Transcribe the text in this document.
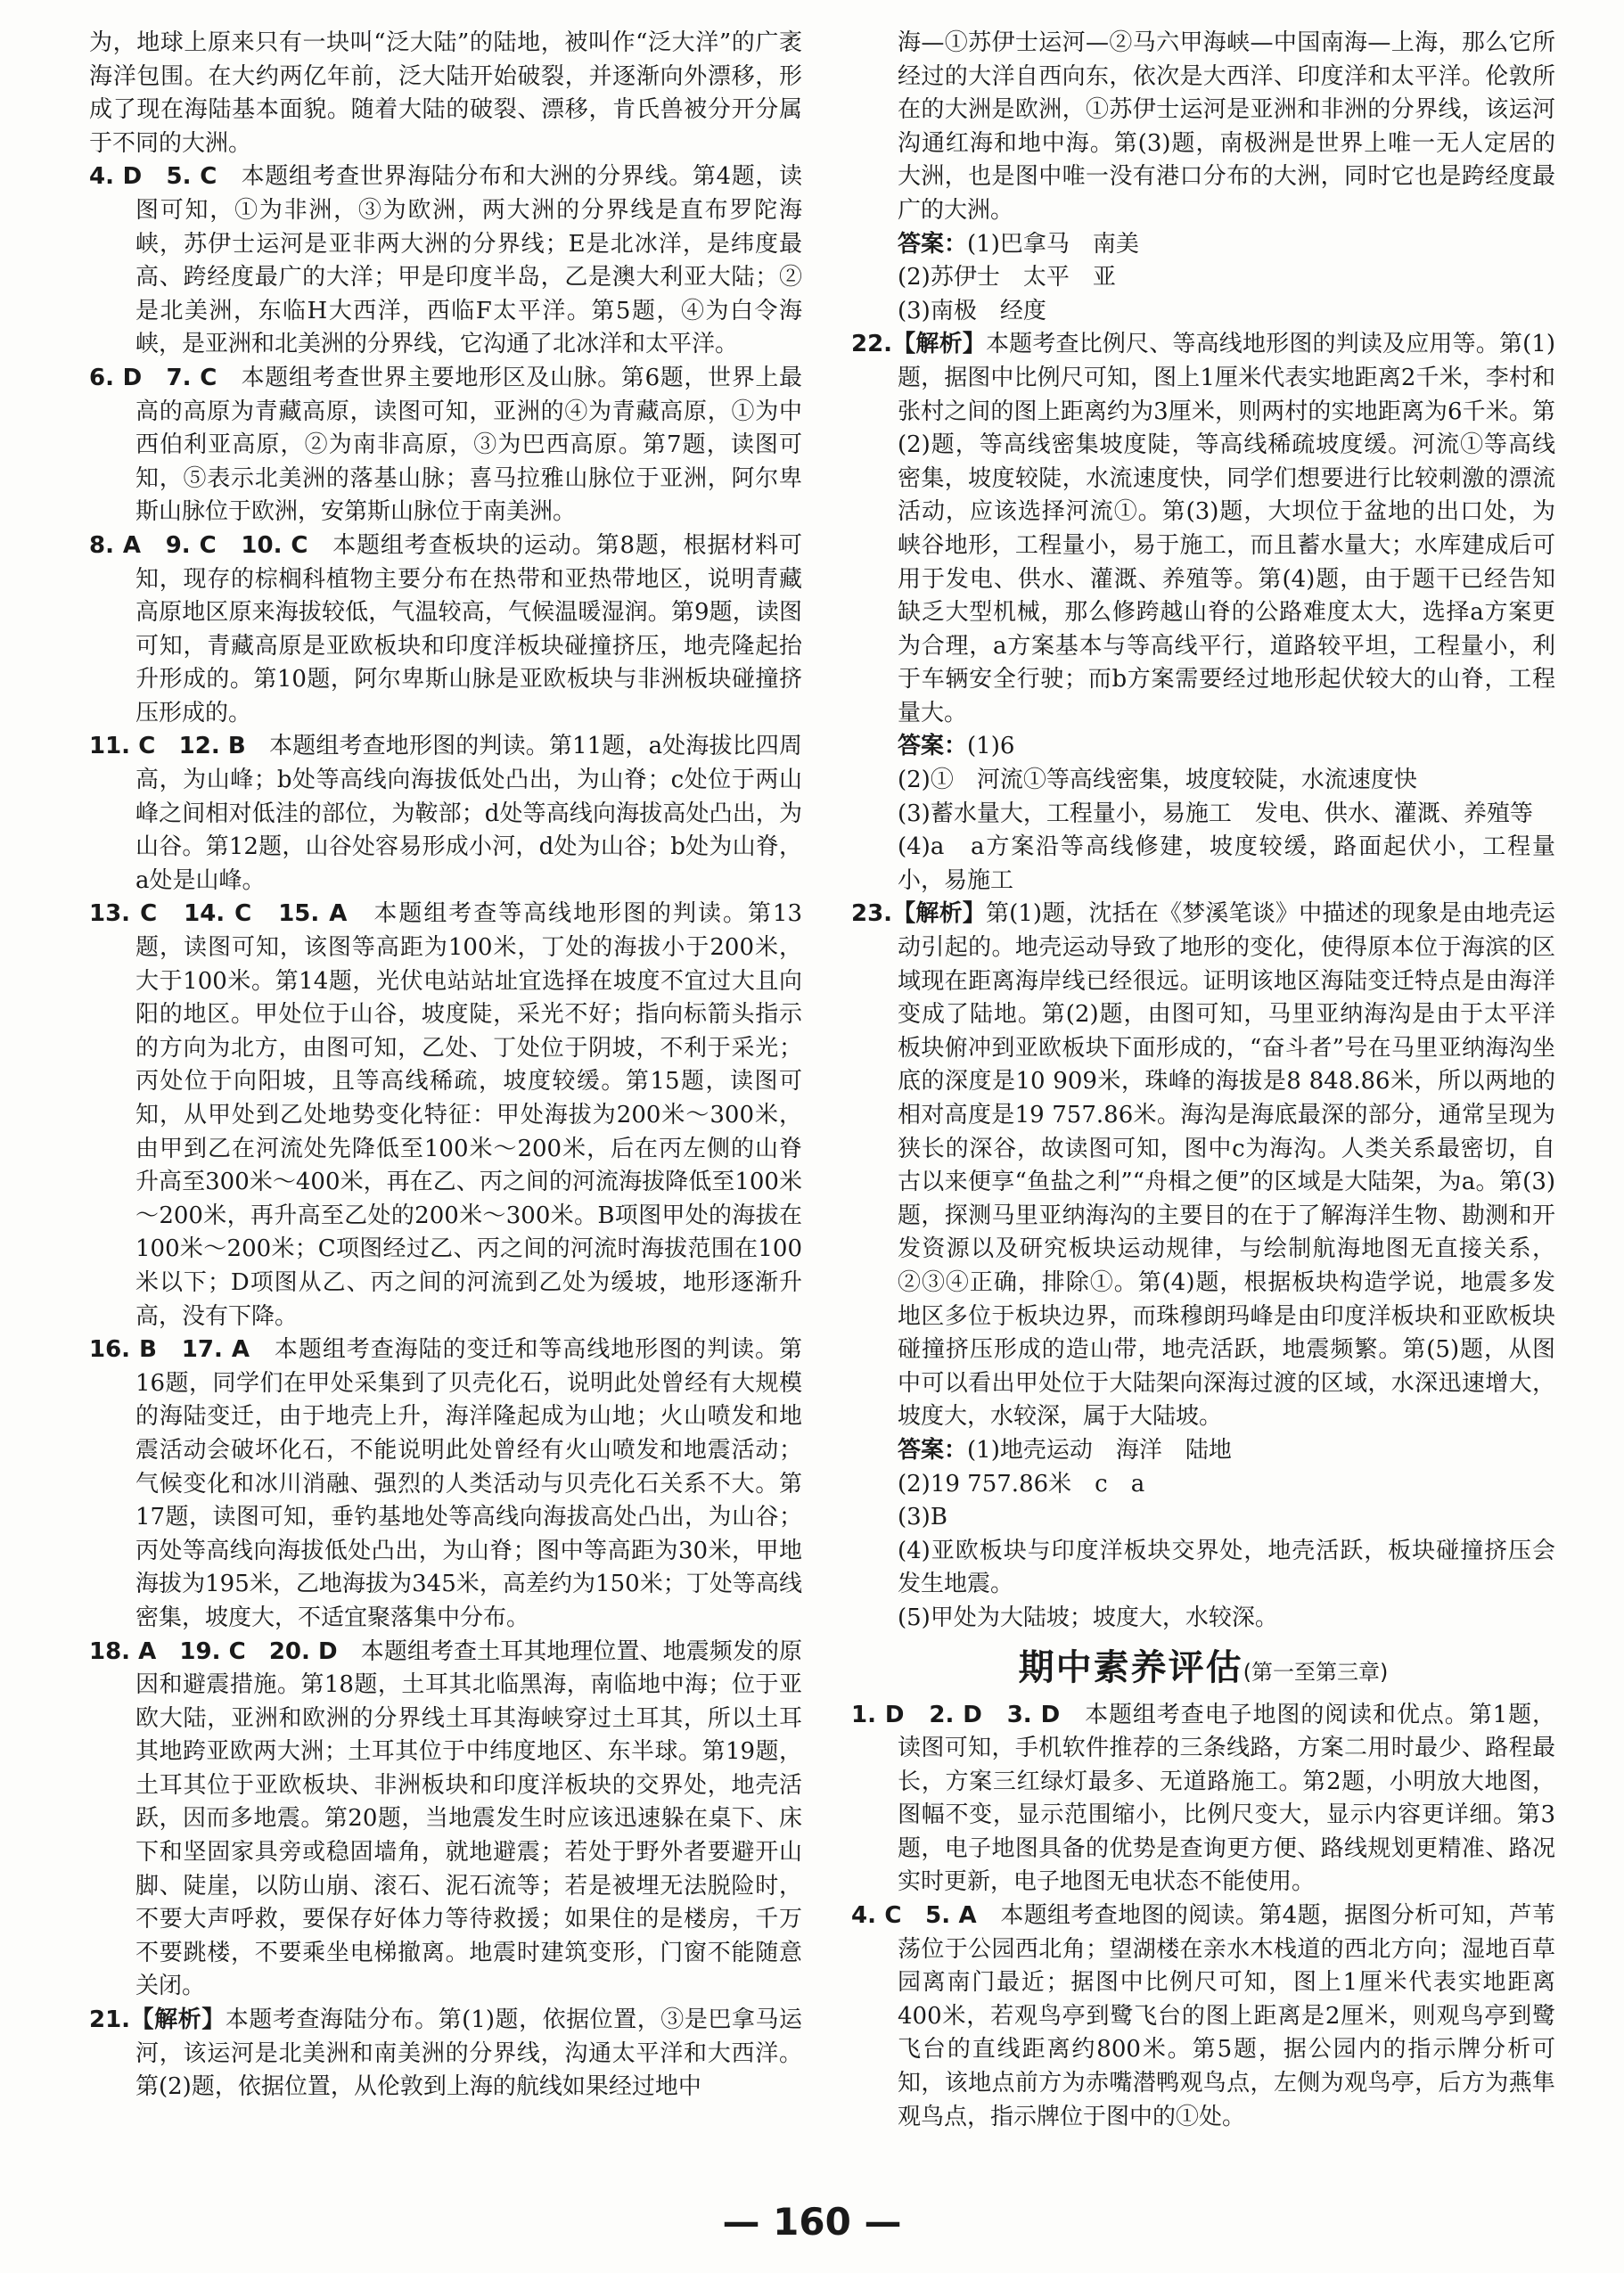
为，地球上原来只有一块叫“泛大陆”的陆地，被叫作“泛大洋”的广袤海洋包围。在大约两亿年前，泛大陆开始破裂，并逐渐向外漂移，形成了现在海陆基本面貌。随着大陆的破裂、漂移，肯氏兽被分开分属于不同的大洲。

4. D　5. C　 本题组考查世界海陆分布和大洲的分界线。第4题，读图可知，①为非洲，③为欧洲，两大洲的分界线是直布罗陀海峡，苏伊士运河是亚非两大洲的分界线；E是北冰洋，是纬度最高、跨经度最广的大洋；甲是印度半岛，乙是澳大利亚大陆；②是北美洲，东临H大西洋，西临F太平洋。第5题，④为白令海峡，是亚洲和北美洲的分界线，它沟通了北冰洋和太平洋。

6. D　7. C　 本题组考查世界主要地形区及山脉。第6题，世界上最高的高原为青藏高原，读图可知，亚洲的④为青藏高原，①为中西伯利亚高原，②为南非高原，③为巴西高原。第7题，读图可知，⑤表示北美洲的落基山脉；喜马拉雅山脉位于亚洲，阿尔卑斯山脉位于欧洲，安第斯山脉位于南美洲。

8. A　9. C　10. C　 本题组考查板块的运动。第8题，根据材料可知，现存的棕榈科植物主要分布在热带和亚热带地区，说明青藏高原地区原来海拔较低，气温较高，气候温暖湿润。第9题，读图可知，青藏高原是亚欧板块和印度洋板块碰撞挤压，地壳隆起抬升形成的。第10题，阿尔卑斯山脉是亚欧板块与非洲板块碰撞挤压形成的。

11. C　12. B　 本题组考查地形图的判读。第11题，a处海拔比四周高，为山峰；b处等高线向海拔低处凸出，为山脊；c处位于两山峰之间相对低洼的部位，为鞍部；d处等高线向海拔高处凸出，为山谷。第12题，山谷处容易形成小河，d处为山谷；b处为山脊，a处是山峰。

13. C　14. C　15. A　 本题组考查等高线地形图的判读。第13题，读图可知，该图等高距为100米，丁处的海拔小于200米，大于100米。第14题，光伏电站站址宜选择在坡度不宜过大且向阳的地区。甲处位于山谷，坡度陡，采光不好；指向标箭头指示的方向为北方，由图可知，乙处、丁处位于阴坡，不利于采光；丙处位于向阳坡，且等高线稀疏，坡度较缓。第15题，读图可知，从甲处到乙处地势变化特征：甲处海拔为200米～300米，由甲到乙在河流处先降低至100米～200米，后在丙左侧的山脊升高至300米～400米，再在乙、丙之间的河流海拔降低至100米～200米，再升高至乙处的200米～300米。B项图甲处的海拔在100米～200米；C项图经过乙、丙之间的河流时海拔范围在100米以下；D项图从乙、丙之间的河流到乙处为缓坡，地形逐渐升高，没有下降。

16. B　17. A　 本题组考查海陆的变迁和等高线地形图的判读。第16题，同学们在甲处采集到了贝壳化石，说明此处曾经有大规模的海陆变迁，由于地壳上升，海洋隆起成为山地；火山喷发和地震活动会破坏化石，不能说明此处曾经有火山喷发和地震活动；气候变化和冰川消融、强烈的人类活动与贝壳化石关系不大。第17题，读图可知，垂钓基地处等高线向海拔高处凸出，为山谷；丙处等高线向海拔低处凸出，为山脊；图中等高距为30米，甲地海拔为195米，乙地海拔为345米，高差约为150米；丁处等高线密集，坡度大，不适宜聚落集中分布。

18. A　19. C　20. D　 本题组考查土耳其地理位置、地震频发的原因和避震措施。第18题，土耳其北临黑海，南临地中海；位于亚欧大陆，亚洲和欧洲的分界线土耳其海峡穿过土耳其，所以土耳其地跨亚欧两大洲；土耳其位于中纬度地区、东半球。第19题，土耳其位于亚欧板块、非洲板块和印度洋板块的交界处，地壳活跃，因而多地震。第20题，当地震发生时应该迅速躲在桌下、床下和坚固家具旁或稳固墙角，就地避震；若处于野外者要避开山脚、陡崖，以防山崩、滚石、泥石流等；若是被埋无法脱险时，不要大声呼救，要保存好体力等待救援；如果住的是楼房，千万不要跳楼，不要乘坐电梯撤离。地震时建筑变形，门窗不能随意关闭。

21.【解析】本题考查海陆分布。第(1)题，依据位置，③是巴拿马运河，该运河是北美洲和南美洲的分界线，沟通太平洋和大西洋。第(2)题，依据位置，从伦敦到上海的航线如果经过地中

海—①苏伊士运河—②马六甲海峡—中国南海—上海，那么它所经过的大洋自西向东，依次是大西洋、印度洋和太平洋。伦敦所在的大洲是欧洲，①苏伊士运河是亚洲和非洲的分界线，该运河沟通红海和地中海。第(3)题，南极洲是世界上唯一无人定居的大洲，也是图中唯一没有港口分布的大洲，同时它也是跨经度最广的大洲。

答案：(1)巴拿马　南美
(2)苏伊士　太平　亚
(3)南极　经度

22.【解析】本题考查比例尺、等高线地形图的判读及应用等。第(1)题，据图中比例尺可知，图上1厘米代表实地距离2千米，李村和张村之间的图上距离约为3厘米，则两村的实地距离为6千米。第(2)题，等高线密集坡度陡，等高线稀疏坡度缓。河流①等高线密集，坡度较陡，水流速度快，同学们想要进行比较刺激的漂流活动，应该选择河流①。第(3)题，大坝位于盆地的出口处，为峡谷地形，工程量小，易于施工，而且蓄水量大；水库建成后可用于发电、供水、灌溉、养殖等。第(4)题，由于题干已经告知缺乏大型机械，那么修跨越山脊的公路难度太大，选择a方案更为合理，a方案基本与等高线平行，道路较平坦，工程量小，利于车辆安全行驶；而b方案需要经过地形起伏较大的山脊，工程量大。

答案：(1)6
(2)①　河流①等高线密集，坡度较陡，水流速度快
(3)蓄水量大，工程量小，易施工　发电、供水、灌溉、养殖等
(4)a　a方案沿等高线修建，坡度较缓，路面起伏小，工程量小，易施工

23.【解析】第(1)题，沈括在《梦溪笔谈》中描述的现象是由地壳运动引起的。地壳运动导致了地形的变化，使得原本位于海滨的区域现在距离海岸线已经很远。证明该地区海陆变迁特点是由海洋变成了陆地。第(2)题，由图可知，马里亚纳海沟是由于太平洋板块俯冲到亚欧板块下面形成的，“奋斗者”号在马里亚纳海沟坐底的深度是10 909米，珠峰的海拔是8 848.86米，所以两地的相对高度是19 757.86米。海沟是海底最深的部分，通常呈现为狭长的深谷，故读图可知，图中c为海沟。人类关系最密切，自古以来便享“鱼盐之利”“舟楫之便”的区域是大陆架，为a。第(3)题，探测马里亚纳海沟的主要目的在于了解海洋生物、勘测和开发资源以及研究板块运动规律，与绘制航海地图无直接关系，②③④正确，排除①。第(4)题，根据板块构造学说，地震多发地区多位于板块边界，而珠穆朗玛峰是由印度洋板块和亚欧板块碰撞挤压形成的造山带，地壳活跃，地震频繁。第(5)题，从图中可以看出甲处位于大陆架向深海过渡的区域，水深迅速增大，坡度大，水较深，属于大陆坡。

答案：(1)地壳运动　海洋　陆地
(2)19 757.86米　c　a
(3)B
(4)亚欧板块与印度洋板块交界处，地壳活跃，板块碰撞挤压会发生地震。
(5)甲处为大陆坡；坡度大，水较深。
期中素养评估(第一至第三章)

1. D　2. D　3. D　 本题组考查电子地图的阅读和优点。第1题，读图可知，手机软件推荐的三条线路，方案二用时最少、路程最长，方案三红绿灯最多、无道路施工。第2题，小明放大地图，图幅不变，显示范围缩小，比例尺变大，显示内容更详细。第3题，电子地图具备的优势是查询更方便、路线规划更精准、路况实时更新，电子地图无电状态不能使用。

4. C　5. A　 本题组考查地图的阅读。第4题，据图分析可知，芦苇荡位于公园西北角；望湖楼在亲水木栈道的西北方向；湿地百草园离南门最近；据图中比例尺可知，图上1厘米代表实地距离400米，若观鸟亭到鹭飞台的图上距离是2厘米，则观鸟亭到鹭飞台的直线距离约800米。第5题，据公园内的指示牌分析可知，该地点前方为赤嘴潜鸭观鸟点，左侧为观鸟亭，后方为燕隼观鸟点，指示牌位于图中的①处。

— 160 —
